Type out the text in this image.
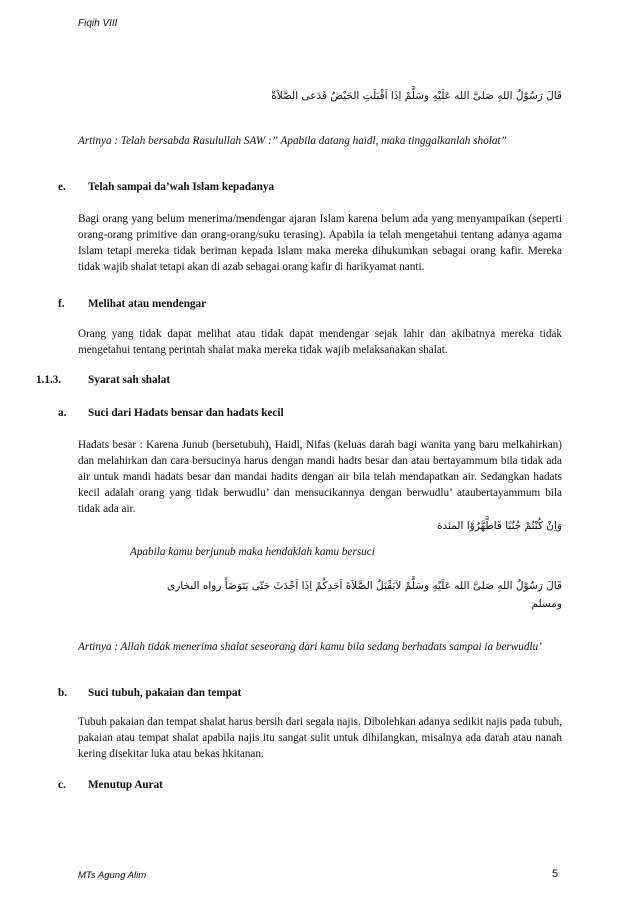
Fiqih VIII
قَالَ رَسُوْلُ اللهِ صَلىَّ الله عَلَيْهِ وسَلَّمْ اِذَا اَقْبَلَتِ الحَيْضُ فَدَعى الصَّلاَةْ
Artinya : Telah bersabda Rasulullah SAW :” Apabila datang haidl, maka tinggalkanlah sholat”
e. Telah sampai da’wah Islam kepadanya
Bagi orang yang belum menerima/mendengar ajaran Islam karena belum ada yang menyampaikan (seperti orang-orang primitive dan orang-orang/suku terasing). Apabila ia telah mengetahui tentang adanya agama Islam tetapi mereka tidak beriman kepada Islam maka mereka dihukumkan sebagai orang kafir. Mereka tidak wajib shalat tetapi akan di azab sebagai orang kafir di harikyamat nanti.
f. Melihat atau mendengar
Orang yang tidak dapat melihat atau tidak dapat mendengar sejak lahir dan akibatnya mereka tidak mengetahui tentang perintah shalat maka mereka tidak wajib melaksanakan shalat.
1.1.3. Syarat sah shalat
a. Suci dari Hadats bensar dan hadats kecil
Hadats besar : Karena Junub (bersetubuh), Haidl, Nifas (keluas darah bagi wanita yang baru melkahirkan) dan melahirkan dan cara bersucinya harus dengan mandi hadts besar dan atau bertayammum bila tidak ada air untuk mandi hadats besar dan mandai hadits dengan air bila telah mendapatkan air. Sedangkan hadats kecil adalah orang yang tidak berwudlu’ dan mensucikannya dengan berwudlu’ ataubertayammum bila tidak ada air.
وَاِنْ كُنْتُمْ جُنُبًا فَاطَّهَّرُوْا المئدة
Apabila kamu berjunub maka hendaklah kamu bersuci
قَالَ رَسُوْلُ اللهِ صَلىَّ الله عَلَيْهِ وسَلَّمْ لاَيَقْبَلُ الصَّلاَةَ اَحَدِكُمْ اِذَا اَحْدَثَ حَتّى يَتَوَضَأَ رواه البخارى
ومسلم
Artinya : Allah tidak menerima shalat seseorang dari kamu bila sedang berhadats sampai ia berwudlu’
b. Suci tubuh, pakaian dan tempat
Tubuh pakaian dan tempat shalat harus bersih dari segala najis. Dibolehkan adanya sedikit najis pada tubuh, pakaian atau tempat shalat apabila najis itu sangat sulit untuk dihilangkan, misalnya ada darah atau nanah kering disekitar luka atau bekas hkitanan.
c. Menutup Aurat
MTs Agung Alim	5
